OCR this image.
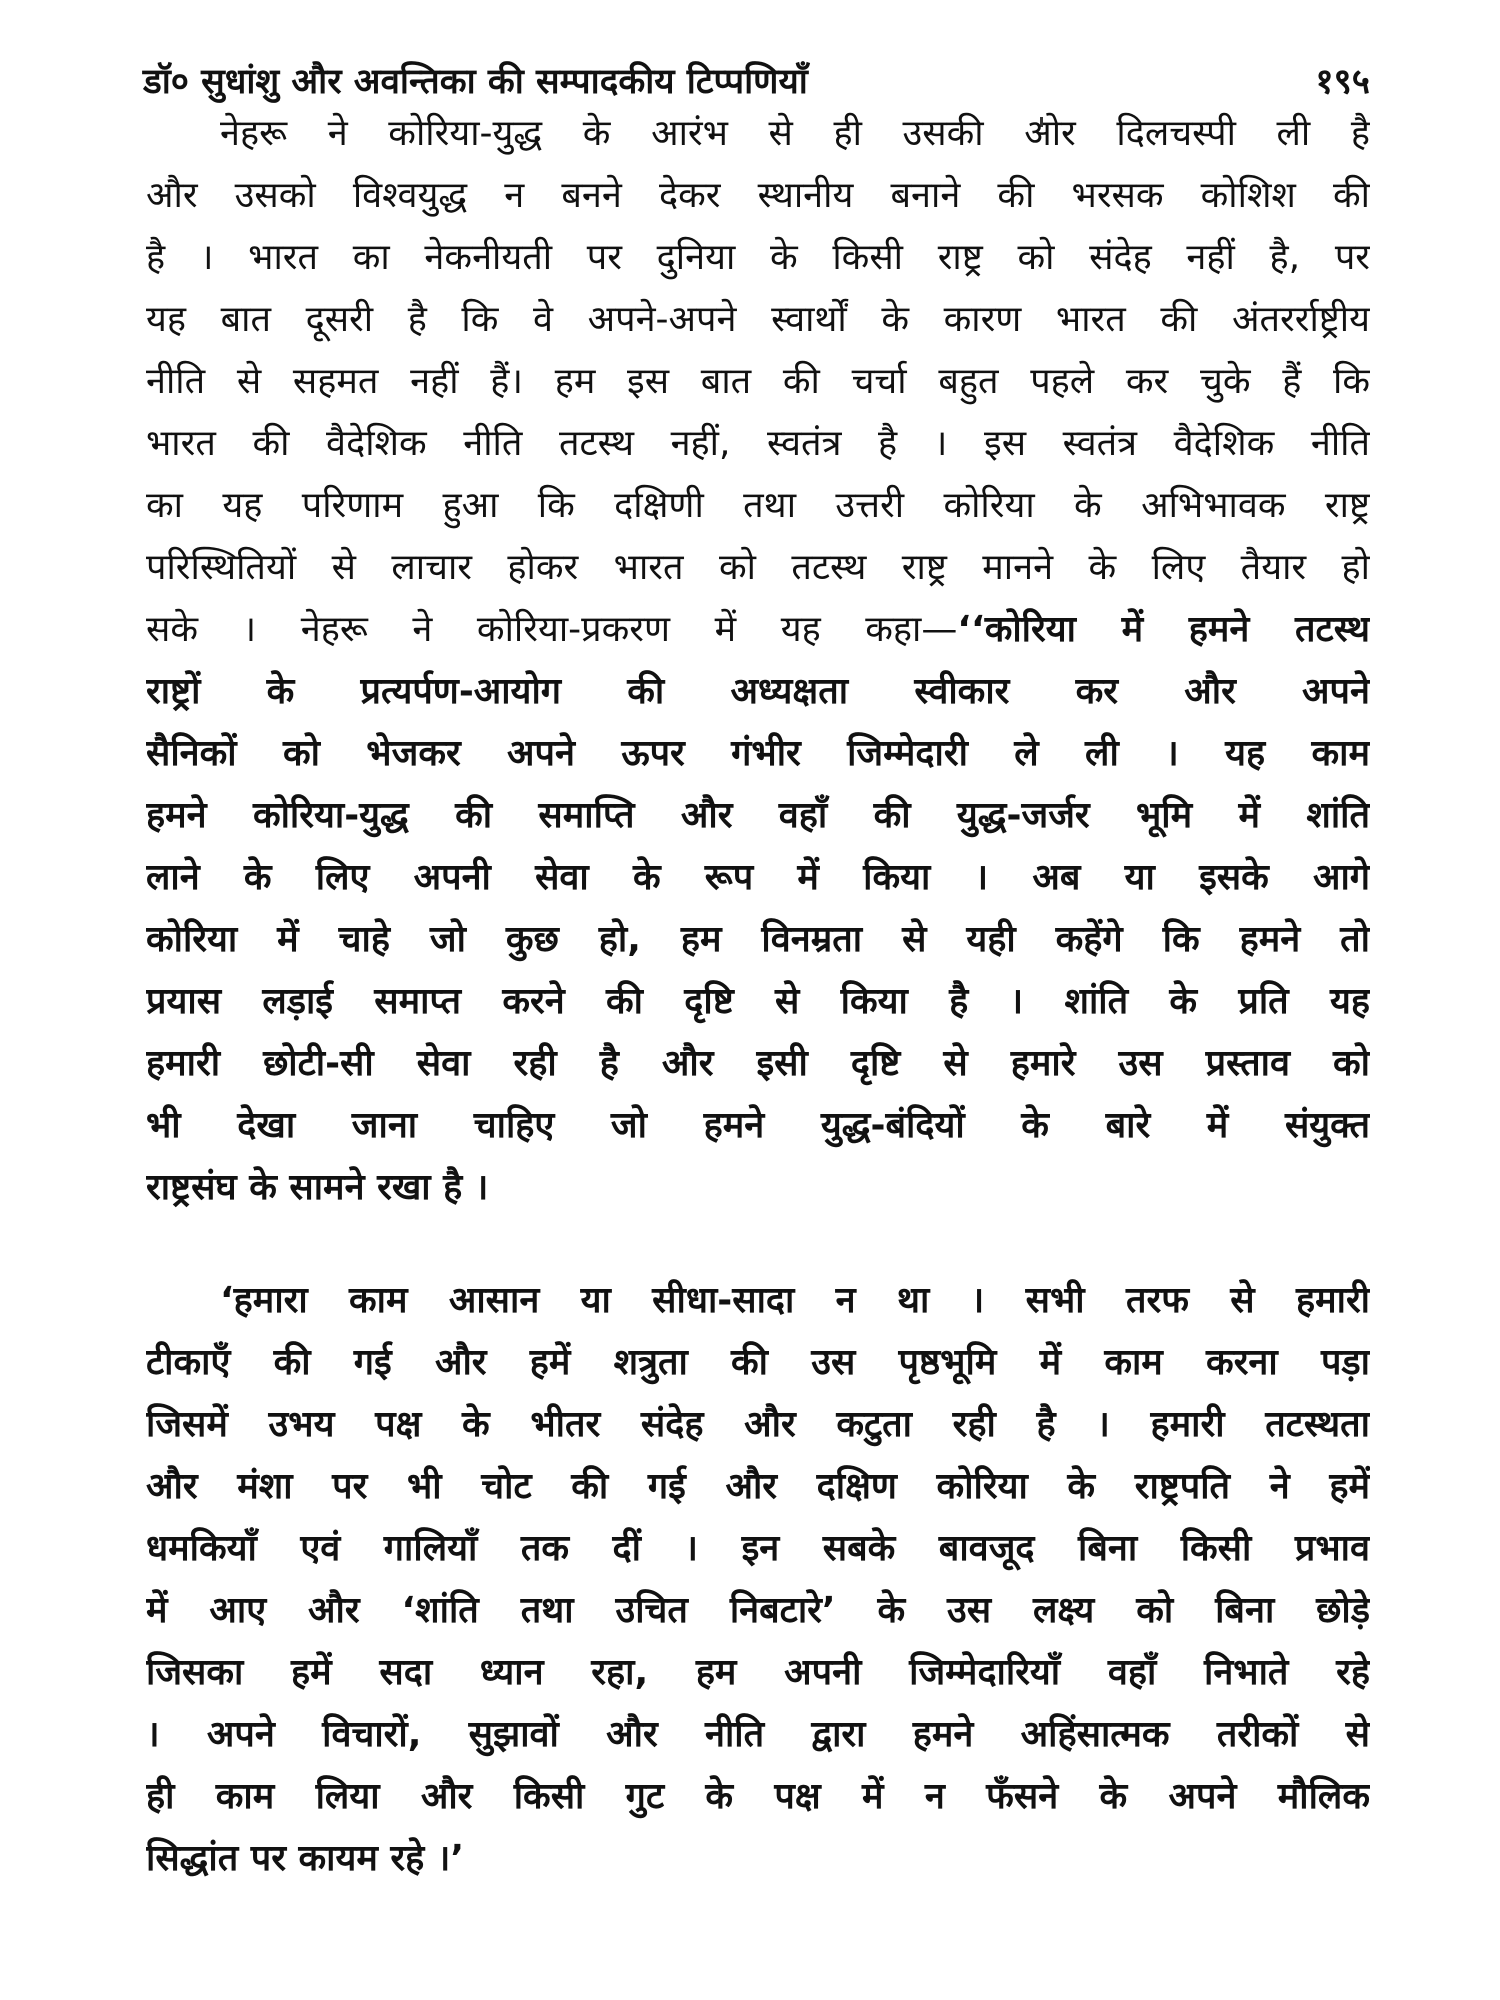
डॉ० सुधांशु और अवन्तिका की सम्पादकीय टिप्पणियाँ	१९५
नेहरू ने कोरिया-युद्ध के आरंभ से ही उसकी ओर दिलचस्पी ली है
और उसको विश्वयुद्ध न बनने देकर स्थानीय बनाने की भरसक कोशिश की
है । भारत का नेकनीयती पर दुनिया के किसी राष्ट्र को संदेह नहीं है, पर
यह बात दूसरी है कि वे अपने-अपने स्वार्थों के कारण भारत की अंतरर्राष्ट्रीय
नीति से सहमत नहीं हैं। हम इस बात की चर्चा बहुत पहले कर चुके हैं कि
भारत की वैदेशिक नीति तटस्थ नहीं, स्वतंत्र है । इस स्वतंत्र वैदेशिक नीति
का यह परिणाम हुआ कि दक्षिणी तथा उत्तरी कोरिया के अभिभावक राष्ट्र
परिस्थितियों से लाचार होकर भारत को तटस्थ राष्ट्र मानने के लिए तैयार हो
सके । नेहरू ने कोरिया-प्रकरण में यह कहा—‘‘कोरिया में हमने तटस्थ
राष्ट्रों के प्रत्यर्पण-आयोग की अध्यक्षता स्वीकार कर और अपने
सैनिकों को भेजकर अपने ऊपर गंभीर जिम्मेदारी ले ली । यह काम
हमने कोरिया-युद्ध की समाप्ति और वहाँ की युद्ध-जर्जर भूमि में शांति
लाने के लिए अपनी सेवा के रूप में किया । अब या इसके आगे
कोरिया में चाहे जो कुछ हो, हम विनम्रता से यही कहेंगे कि हमने तो
प्रयास लड़ाई समाप्त करने की दृष्टि से किया है । शांति के प्रति यह
हमारी छोटी-सी सेवा रही है और इसी दृष्टि से हमारे उस प्रस्ताव को
भी देखा जाना चाहिए जो हमने युद्ध-बंदियों के बारे में संयुक्त
राष्ट्रसंघ के सामने रखा है ।
‘हमारा काम आसान या सीधा-सादा न था । सभी तरफ से हमारी
टीकाएँ की गई और हमें शत्रुता की उस पृष्ठभूमि में काम करना पड़ा
जिसमें उभय पक्ष के भीतर संदेह और कटुता रही है । हमारी तटस्थता
और मंशा पर भी चोट की गई और दक्षिण कोरिया के राष्ट्रपति ने हमें
धमकियाँ एवं गालियाँ तक दीं । इन सबके बावजूद बिना किसी प्रभाव
में आए और ‘शांति तथा उचित निबटारे’ के उस लक्ष्य को बिना छोड़े
जिसका हमें सदा ध्यान रहा, हम अपनी जिम्मेदारियाँ वहाँ निभाते रहे
। अपने विचारों, सुझावों और नीति द्वारा हमने अहिंसात्मक तरीकों से
ही काम लिया और किसी गुट के पक्ष में न फँसने के अपने मौलिक
सिद्धांत पर कायम रहे ।’
